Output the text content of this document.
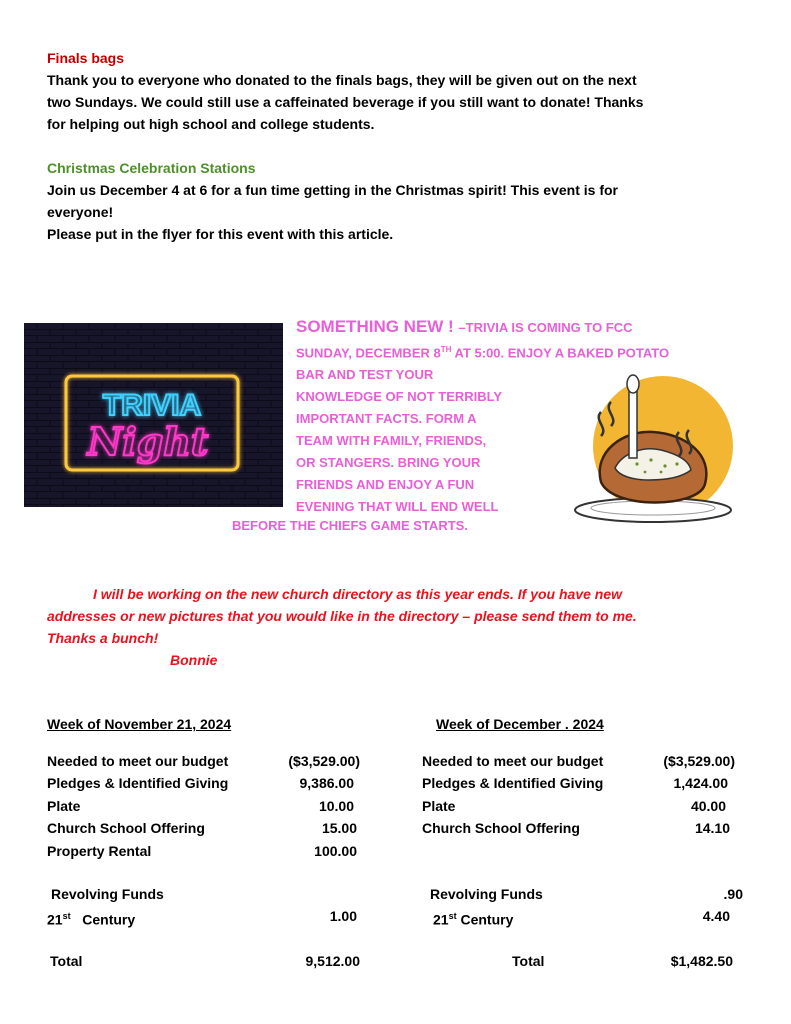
Finals bags
Thank you to everyone who donated to the finals bags, they will be given out on the next
two Sundays. We could still use a caffeinated beverage if you still want to donate! Thanks
for helping out high school and college students.
Christmas Celebration Stations
Join us December 4 at 6 for a fun time getting in the Christmas spirit! This event is for
everyone!
Please put in the flyer for this event with this article.
TRIVIA
Night
SOMETHING NEW ! –TRIVIA IS COMING TO FCC
SUNDAY, DECEMBER 8TH AT 5:00. ENJOY A BAKED POTATO
BAR AND TEST YOUR
KNOWLEDGE OF NOT TERRIBLY
IMPORTANT FACTS. FORM A
TEAM WITH FAMILY, FRIENDS,
OR STANGERS. BRING YOUR
FRIENDS AND ENJOY A FUN
EVENING THAT WILL END WELL
BEFORE THE CHIEFS GAME STARTS.
I will be working on the new church directory as this year ends. If you have new
addresses or new pictures that you would like in the directory – please send them to me.
Thanks a bunch!
Bonnie
Week of November 21, 2024
Needed to meet our budget	($3,529.00)
Pledges & Identified Giving	9,386.00
Plate	10.00
Church School Offering	15.00
Property Rental	100.00
Revolving Funds
21st   Century	1.00
Total	9,512.00
Week of December . 2024
Needed to meet our budget	($3,529.00)
Pledges & Identified Giving	1,424.00
Plate	40.00
Church School Offering	14.10
Revolving Funds	.90
21st Century	4.40
Total	$1,482.50
